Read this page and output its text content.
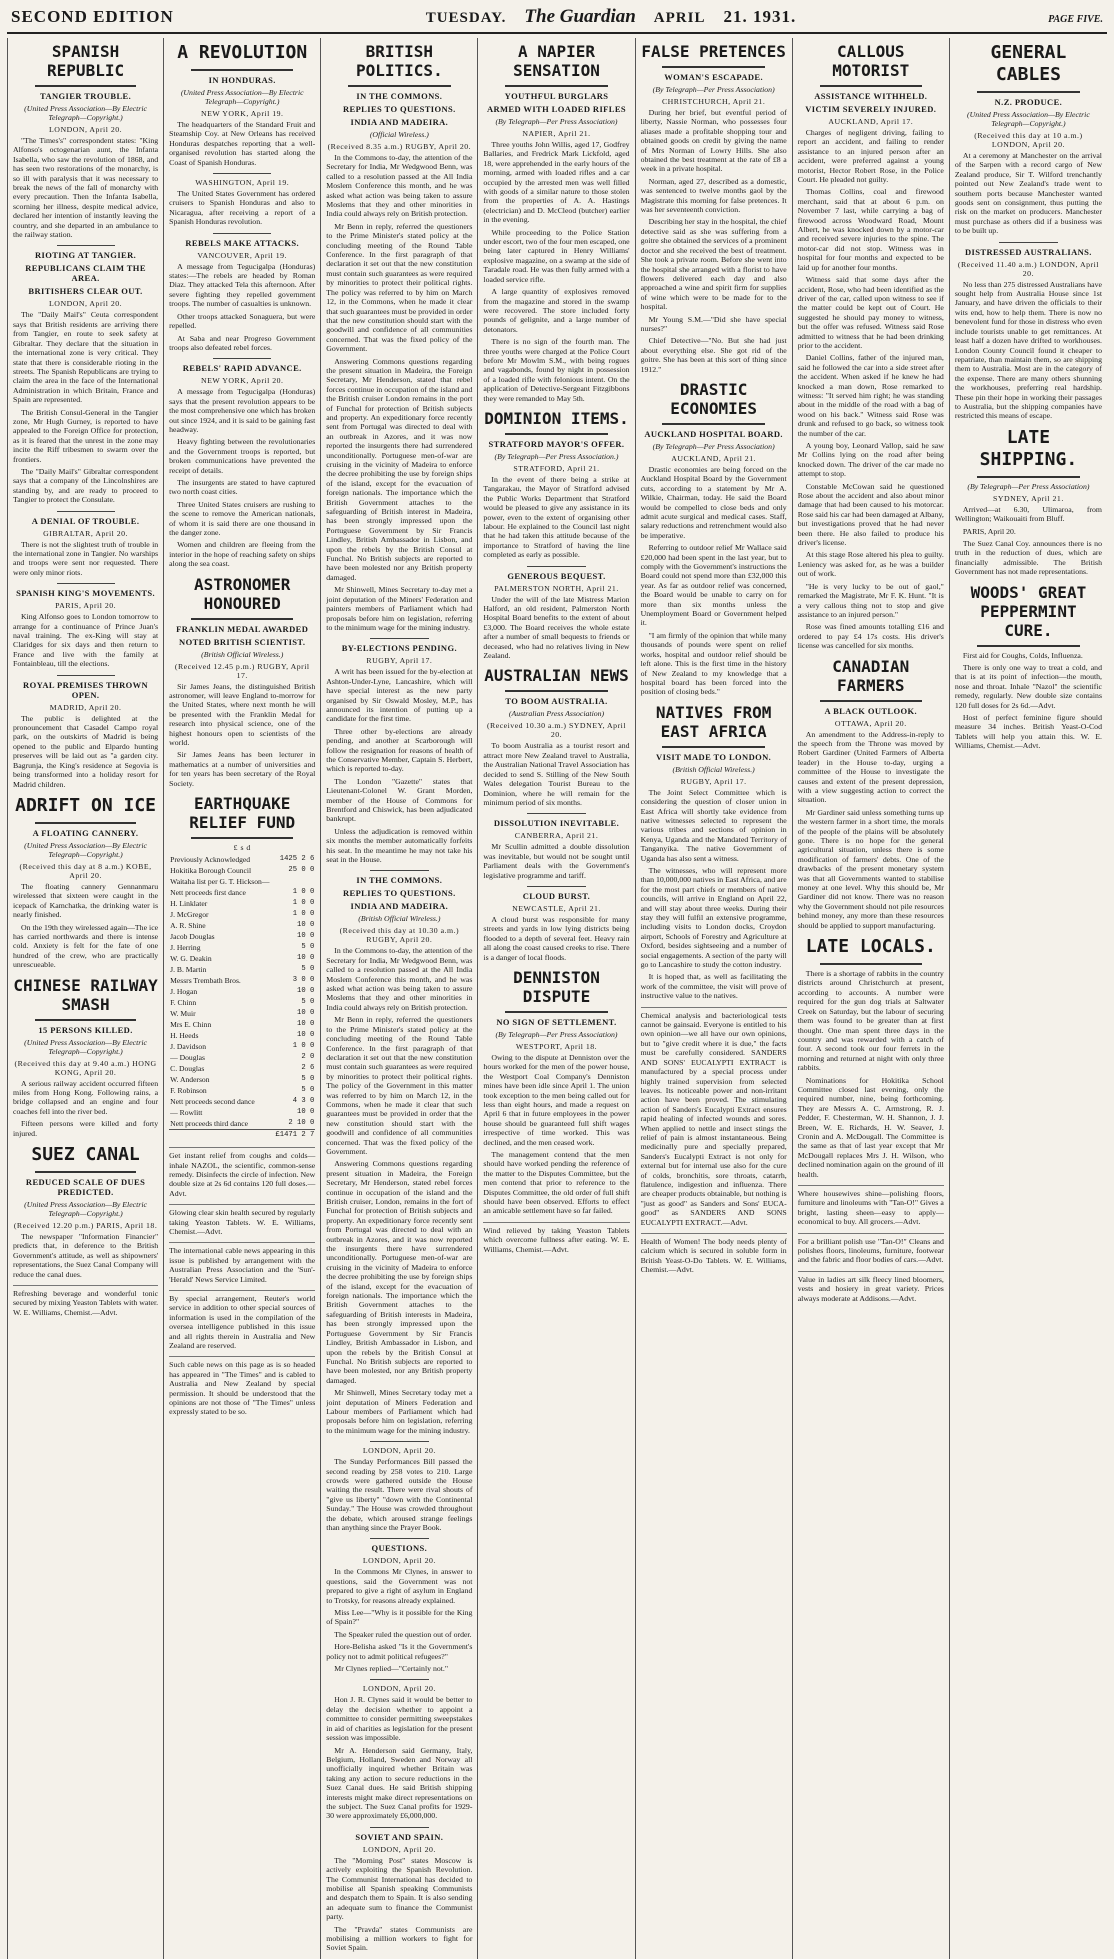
SECOND EDITION	TUESDAY. The Guardian APRIL 21. 1931.	PAGE FIVE.
SPANISH REPUBLIC
TANGIER TROUBLE.
(United Press Association—By Electric Telegraph—Copyright.)
LONDON, April 20.

"The Times's" correspondent states: "King Alfonso's octogenarian aunt, the Infanta Isabella, who saw the revolution of 1868, and has seen two restorations of the monarchy, is so ill with paralysis that it was necessary to break the news of the fall of monarchy with every precaution. Then the Infanta Isabella, scorning her illness, despite medical advice, declared her intention of instantly leaving the country, and she departed in an ambulance to the railway station.

RIOTING AT TANGIER.
REPUBLICANS CLAIM THE AREA.
BRITISHERS CLEAR OUT.
LONDON, April 20.

The "Daily Mail's" Ceuta correspondent says that British residents are arriving there from Tangier, en route to seek safety at Gibraltar. They declare that the situation in the international zone is very critical. They state that there is considerable rioting in the streets. The Spanish Republicans are trying to claim the area in the face of the International Administration in which Britain, France and Spain are represented.

The British Consul-General in the Tangier zone, Mr Hugh Gurney, is reported to have appealed to the Foreign Office for protection, as it is feared that the unrest in the zone may incite the Riff tribesmen to swarm over the frontiers.

The "Daily Mail's" Gibraltar correspondent says that a company of the Lincolnshires are standing by, and are ready to proceed to Tangier to protect the Consulate.

A DENIAL OF TROUBLE.
GIBRALTAR, April 20.

There is not the slightest truth of trouble in the international zone in Tangier. No warships and troops were sent nor requested. There were only minor riots.

SPANISH KING'S MOVEMENTS.
PARIS, April 20.

King Alfonso goes to London tomorrow to arrange for a continuance of Prince Juan's naval training. The ex-King will stay at Claridges for six days and then return to France and live with the family at Fontainbleau, till the elections.

ROYAL PREMISES THROWN OPEN.
MADRID, April 20.

The public is delighted at the pronouncement that Casadel Campo royal park, on the outskirts of Madrid is being opened to the public and Elpardo hunting preserves will be laid out as "a garden city. Bagrunja, the King's residence at Segovia is being transformed into a holiday resort for Madrid children.

ADRIFT ON ICE
A FLOATING CANNERY.
(United Press Association—By Electric Telegraph—Copyright.)
(Received this day at 8 a.m.) KOBE, April 20.

The floating cannery Gennanmaru wirelessed that sixteen were caught in the icepack of Kamchatka, the drinking water is nearly finished.

On the 19th they wirelessed again—The ice has carried northwards and there is intense cold. Anxiety is felt for the fate of one hundred of the crew, who are practically unrescueable.

CHINESE RAILWAY SMASH
15 PERSONS KILLED.
(United Press Association—By Electric Telegraph—Copyright.)
(Received this day at 9.40 a.m.) HONG KONG, April 20.

A serious railway accident occurred fifteen miles from Hong Kong. Following rains, a bridge collapsed and an engine and four coaches fell into the river bed.

Fifteen persons were killed and forty injured.

SUEZ CANAL
REDUCED SCALE OF DUES PREDICTED.
(United Press Association—By Electric Telegraph—Copyright.)
(Received 12.20 p.m.) PARIS, April 18.

The newspaper "Information Financier" predicts that, in deference to the British Government's attitude, as well as shipowners' representations, the Suez Canal Company will reduce the canal dues.

Refreshing beverage and wonderful tonic secured by mixing Yeaston Tablets with water. W. E. Williams, Chemist.—Advt.

A REVOLUTION
IN HONDURAS.
(United Press Association—By Electric Telegraph—Copyright.)
NEW YORK, April 19.

The headquarters of the Standard Fruit and Steamship Coy. at New Orleans has received Honduras despatches reporting that a well-organised revolution has started along the Coast of Spanish Honduras.

WASHINGTON, April 19.

The United States Government has ordered cruisers to Spanish Honduras and also to Nicaragua, after receiving a report of a Spanish Honduras revolution.

REBELS MAKE ATTACKS.
VANCOUVER, April 19.

A message from Tegucigalpa (Honduras) states:—The rebels are headed by Roman Diaz. They attacked Tela this afternoon. After severe fighting they repelled government troops. The number of casualties is unknown.

Other troops attacked Sonaguera, but were repelled.

At Saba and near Progreso Government troops also defeated rebel forces.

REBELS' RAPID ADVANCE.
NEW YORK, April 20.

A message from Tegucigalpa (Honduras) says that the present revolution appears to be the most comprehensive one which has broken out since 1924, and it is said to be gaining fast headway.

Heavy fighting between the revolutionaries and the Government troops is reported, but broken communications have prevented the receipt of details.

The insurgents are stated to have captured two north coast cities.

Three United States cruisers are rushing to the scene to remove the American nationals, of whom it is said there are one thousand in the danger zone.

Women and children are fleeing from the interior in the hope of reaching safety on ships along the sea coast.

ASTRONOMER HONOURED
FRANKLIN MEDAL AWARDED
NOTED BRITISH SCIENTIST.
(British Official Wireless.)
(Received 12.45 p.m.) RUGBY, April 17.

Sir James Jeans, the distinguished British astronomer, will leave England to-morrow for the United States, where next month he will be presented with the Franklin Medal for research into physical science, one of the highest honours open to scientists of the world.

Sir James Jeans has been lecturer in mathematics at a number of universities and for ten years has been secretary of the Royal Society.

EARTHQUAKE RELIEF FUND
£ s d
Previously Acknowledged	1425 2 6
Hokitika Borough Council	25 0 0
Waitaha list per G. T. Hickson—	
Nett proceeds first dance	1 0 0
H. Linklater	1 0 0
J. McGregor	1 0 0
A. R. Shine	10 0
Jacob Douglas	10 0
J. Herring	5 0
W. G. Deakin	10 0
J. B. Martin	5 0
Messrs Trembath Bros.	3 0 0
J. Hogan	10 0
F. Chinn	5 0
W. Muir	10 0
Mrs E. Chinn	10 0
H. Heeds	10 0
J. Davidson	1 0 0
— Douglas	2 0
C. Douglas	2 6
W. Anderson	5 0
F. Robinson	5 0
Nett proceeds second dance	4 3 0
— Rowlitt	10 0
Nett proceeds third dance	2 10 0
	£1471 2 7

Get instant relief from coughs and colds—inhale NAZOL, the scientific, common-sense remedy. Disinfects the circle of infection. New double size at 2s 6d contains 120 full doses.—Advt.

Glowing clear skin health secured by regularly taking Yeaston Tablets. W. E. Williams, Chemist.—Advt.

The international cable news appearing in this issue is published by arrangement with the Australian Press Association and the 'Sun'-'Herald' News Service Limited.

By special arrangement, Reuter's world service in addition to other special sources of information is used in the compilation of the oversea intelligence published in this issue and all rights therein in Australia and New Zealand are reserved.

Such cable news on this page as is so headed has appeared in "The Times" and is cabled to Australia and New Zealand by special permission. It should be understood that the opinions are not those of "The Times" unless expressly stated to be so.

BRITISH POLITICS.
IN THE COMMONS.
REPLIES TO QUESTIONS.
INDIA AND MADEIRA.
(Official Wireless.)
(Received 8.35 a.m.) RUGBY, April 20.

In the Commons to-day, the attention of the Secretary for India, Mr Wedgwood Benn, was called to a resolution passed at the All India Moslem Conference this month, and he was asked what action was being taken to assure Moslems that they and other minorities in India could always rely on British protection.

Mr Benn in reply, referred the questioners to the Prime Minister's stated policy at the concluding meeting of the Round Table Conference. In the first paragraph of that declaration it set out that the new constitution must contain such guarantees as were required by minorities to protect their political rights. The policy was referred to by him on March 12, in the Commons, when he made it clear that such guarantees must be provided in order that the new constitution should start with the goodwill and confidence of all communities concerned. That was the fixed policy of the Government.

Answering Commons questions regarding the present situation in Madeira, the Foreign Secretary, Mr Henderson, stated that rebel forces continue in occupation of the island and the British cruiser London remains in the port of Funchal for protection of British subjects and property. An expeditionary force recently sent from Portugal was directed to deal with an outbreak in Azores, and it was now reported the insurgents there had surrendered unconditionally. Portuguese men-of-war are cruising in the vicinity of Madeira to enforce the decree prohibiting the use by foreign ships of the island, except for the evacuation of foreign nationals. The importance which the British Government attaches to the safeguarding of British interest in Madeira, has been strongly impressed upon the Portuguese Government by Sir Francis Lindley, British Ambassador in Lisbon, and upon the rebels by the British Consul at Funchal. No British subjects are reported to have been molested nor any British property damaged.

Mr Shinwell, Mines Secretary to-day met a joint deputation of the Miners' Federation and painters members of Parliament which had proposals before him on legislation, referring to the minimum wage for the mining industry.

BY-ELECTIONS PENDING.
RUGBY, April 17.

A writ has been issued for the by-election at Ashton-Under-Lyne, Lancashire, which will have special interest as the new party organised by Sir Oswald Mosley, M.P., has announced its intention of putting up a candidate for the first time.

Three other by-elections are already pending, and another at Scarborough will follow the resignation for reasons of health of the Conservative Member, Captain S. Herbert, which is reported to-day.

The London "Gazette" states that Lieutenant-Colonel W. Grant Morden, member of the House of Commons for Brentford and Chiswick, has been adjudicated bankrupt.

Unless the adjudication is removed within six months the member automatically forfeits his seat. In the meantime he may not take his seat in the House.

IN THE COMMONS.
REPLIES TO QUESTIONS.
INDIA AND MADEIRA.
(British Official Wireless.)
(Received this day at 10.30 a.m.) RUGBY, April 20.

In the Commons to-day, the attention of the Secretary for India, Mr Wedgwood Benn, was called to a resolution passed at the All India Moslem Conference this month, and he was asked what action was being taken to assure Moslems that they and other minorities in India could always rely on British protection.

Mr Benn in reply, referred the questioners to the Prime Minister's stated policy at the concluding meeting of the Round Table Conference. In the first paragraph of that declaration it set out that the new constitution must contain such guarantees as were required by minorities to protect their political rights. The policy of the Government in this matter was referred to by him on March 12, in the Commons, when he made it clear that such guarantees must be provided in order that the new constitution should start with the goodwill and confidence of all communities concerned. That was the fixed policy of the Government.

Answering Commons questions regarding present situation in Madeira, the Foreign Secretary, Mr Henderson, stated rebel forces continue in occupation of the island and the British cruiser, London, remains in the fort of Funchal for protection of British subjects and property. An expeditionary force recently sent from Portugal was directed to deal with an outbreak in Azores, and it was now reported the insurgents there have surrendered unconditionally. Portuguese men-of-war are cruising in the vicinity of Madeira to enforce the decree prohibiting the use by foreign ships of the island, except for the evacuation of foreign nationals. The importance which the British Government attaches to the safeguarding of British interests in Madeira, has been strongly impressed upon the Portuguese Government by Sir Francis Lindley, British Ambassador in Lisbon, and upon the rebels by the British Consul at Funchal. No British subjects are reported to have been molested, nor any British property damaged.

Mr Shinwell, Mines Secretary today met a joint deputation of Miners Federation and Labour members of Parliament which had proposals before him on legislation, referring to the minimum wage for the mining industry.

LONDON, April 20.

The Sunday Performances Bill passed the second reading by 258 votes to 210. Large crowds were gathered outside the House waiting the result. There were rival shouts of "give us liberty" "down with the Continental Sunday." The House was crowded throughout the debate, which aroused strange feelings than anything since the Prayer Book.

QUESTIONS.
LONDON, April 20.

In the Commons Mr Clynes, in answer to questions, said the Government was not prepared to give a right of asylum in England to Trotsky, for reasons already explained.

Miss Lee—"Why is it possible for the King of Spain?"

The Speaker ruled the question out of order.

Hore-Belisha asked "Is it the Government's policy not to admit political refugees?"

Mr Clynes replied—"Certainly not."

LONDON, April 20.

Hon J. R. Clynes said it would be better to delay the decision whether to appoint a committee to consider permitting sweepstakes in aid of charities as legislation for the present session was impossible.

Mr A. Henderson said Germany, Italy, Belgium, Holland, Sweden and Norway all unofficially inquired whether Britain was taking any action to secure reductions in the Suez Canal dues. He said British shipping interests might make direct representations on the subject. The Suez Canal profits for 1929-30 were approximately £6,000,000.

SOVIET AND SPAIN.
LONDON, April 20.

The "Morning Post" states Moscow is actively exploiting the Spanish Revolution. The Communist International has decided to mobilise all Spanish speaking Communists and despatch them to Spain. It is also sending an adequate sum to finance the Communist party.

The "Pravda" states Communists are mobilising a million workers to fight for Soviet Spain.

A NAPIER SENSATION
YOUTHFUL BURGLARS
ARMED WITH LOADED RIFLES
(By Telegraph—Per Press Association)
NAPIER, April 21.

Three youths John Willis, aged 17, Godfrey Ballaries, and Fredrick Mark Lickfold, aged 18, were apprehended in the early hours of the morning, armed with loaded rifles and a car occupied by the arrested men was well filled with goods of a similar nature to those stolen from the properties of A. A. Hastings (electrician) and D. McCleod (butcher) earlier in the evening.

While proceeding to the Police Station under escort, two of the four men escaped, one being later captured in Henry Williams' explosive magazine, on a swamp at the side of Taradale road. He was then fully armed with a loaded service rifle.

A large quantity of explosives removed from the magazine and stored in the swamp were recovered. The store included forty pounds of gelignite, and a large number of detonators.

There is no sign of the fourth man. The three youths were charged at the Police Court before Mr Mowlm S.M., with being rogues and vagabonds, found by night in possession of a loaded rifle with felonious intent. On the application of Detective-Sergeant Fitzgibbons they were remanded to May 5th.

DOMINION ITEMS.
STRATFORD MAYOR'S OFFER.
(By Telegraph—Per Press Association.)
STRATFORD, April 21.

In the event of there being a strike at Tangarakau, the Mayor of Stratford advised the Public Works Department that Stratford would be pleased to give any assistance in its power, even to the extent of organising other labour. He explained to the Council last night that he had taken this attitude because of the importance to Stratford of having the line completed as early as possible.

GENEROUS BEQUEST.
PALMERSTON NORTH, April 21.

Under the will of the late Mistress Marion Halford, an old resident, Palmerston North Hospital Board benefits to the extent of about £3,000. The Board receives the whole estate after a number of small bequests to friends or deceased, who had no relatives living in New Zealand.

AUSTRALIAN NEWS
TO BOOM AUSTRALIA.
(Australian Press Association)
(Received 10.30 a.m.) SYDNEY, April 20.

To boom Australia as a tourist resort and attract more New Zealand travel to Australia, the Australian National Travel Association has decided to send S. Stilling of the New South Wales delegation Tourist Bureau to the Dominion, where he will remain for the minimum period of six months.

DISSOLUTION INEVITABLE.
CANBERRA, April 21.

Mr Scullin admitted a double dissolution was inevitable, but would not be sought until Parliament deals with the Government's legislative programme and tariff.

CLOUD BURST.
NEWCASTLE, April 21.

A cloud burst was responsible for many streets and yards in low lying districts being flooded to a depth of several feet. Heavy rain all along the coast caused creeks to rise. There is a danger of local floods.

DENNISTON DISPUTE
NO SIGN OF SETTLEMENT.
(By Telegraph—Per Press Association)
WESTPORT, April 18.

Owing to the dispute at Denniston over the hours worked for the men of the power house, the Westport Coal Company's Denniston mines have been idle since April 1. The union took exception to the men being called out for less than eight hours, and made a request on April 6 that in future employees in the power house should be guaranteed full shift wages irrespective of time worked. This was declined, and the men ceased work.

The management contend that the men should have worked pending the reference of the matter to the Disputes Committee, but the men contend that prior to reference to the Disputes Committee, the old order of full shift should have been observed. Efforts to effect an amicable settlement have so far failed.

Wind relieved by taking Yeaston Tablets which overcome fullness after eating. W. E. Williams, Chemist.—Advt.

FALSE PRETENCES
WOMAN'S ESCAPADE.
(By Telegraph—Per Press Association)
CHRISTCHURCH, April 21.

During her brief, but eventful period of liberty, Nassie Norman, who possesses four aliases made a profitable shopping tour and obtained goods on credit by giving the name of Mrs Norman of Lowry Hills. She also obtained the best treatment at the rate of £8 a week in a private hospital.

Norman, aged 27, described as a domestic, was sentenced to twelve months gaol by the Magistrate this morning for false pretences. It was her seventeenth conviction.

Describing her stay in the hospital, the chief detective said as she was suffering from a goitre she obtained the services of a prominent doctor and she received the best of treatment. She took a private room. Before she went into the hospital she arranged with a florist to have flowers delivered each day and also approached a wine and spirit firm for supplies of wine which were to be made for to the hospital.

Mr Young S.M.—"Did she have special nurses?"

Chief Detective—"No. But she had just about everything else. She got rid of the goitre. She has been at this sort of thing since 1912."

DRASTIC ECONOMIES
AUCKLAND HOSPITAL BOARD.
(By Telegraph—Per Press Association)
AUCKLAND, April 21.

Drastic economies are being forced on the Auckland Hospital Board by the Government cuts, according to a statement by Mr A. Wilkie, Chairman, today. He said the Board would be compelled to close beds and only admit acute surgical and medical cases. Staff, salary reductions and retrenchment would also be imperative.

Referring to outdoor relief Mr Wallace said £20,000 had been spent in the last year, but to comply with the Government's instructions the Board could not spend more than £32,000 this year. As far as outdoor relief was concerned, the Board would be unable to carry on for more than six months unless the Unemployment Board or Government helped it.

"I am firmly of the opinion that while many thousands of pounds were spent on relief works, hospital and outdoor relief should be left alone. This is the first time in the history of New Zealand to my knowledge that a hospital board has been forced into the position of closing beds."

NATIVES FROM EAST AFRICA
VISIT MADE TO LONDON.
(British Official Wireless.)
RUGBY, April 17.

The Joint Select Committee which is considering the question of closer union in East Africa will shortly take evidence from native witnesses selected to represent the various tribes and sections of opinion in Kenya, Uganda and the Mandated Territory of Tanganyika. The native Government of Uganda has also sent a witness.

The witnesses, who will represent more than 10,000,000 natives in East Africa, and are for the most part chiefs or members of native councils, will arrive in England on April 22, and will stay about three weeks. During their stay they will fulfil an extensive programme, including visits to London docks, Croydon airport, Schools of Forestry and Agriculture at Oxford, besides sightseeing and a number of social engagements. A section of the party will go to Lancashire to study the cotton industry.

It is hoped that, as well as facilitating the work of the committee, the visit will prove of instructive value to the natives.

Chemical analysis and bacteriological tests cannot be gainsaid. Everyone is entitled to his own opinion—we all have our own opinions, but to "give credit where it is due," the facts must be carefully considered. SANDERS AND SONS' EUCALYPTI EXTRACT is manufactured by a special process under highly trained supervision from selected leaves. Its noticeable power and non-irritant action have been proved. The stimulating action of Sanders's Eucalypti Extract ensures rapid healing of infected wounds and sores. When applied to nettle and insect stings the relief of pain is almost instantaneous. Being medicinally pure and specially prepared, Sanders's Eucalypti Extract is not only for external but for internal use also for the cure of colds, bronchitis, sore throats, catarrh, flatulence, indigestion and influenza. There are cheaper products obtainable, but nothing is "just as good" as Sanders and Sons' EUCA-good" as SANDERS AND SONS EUCALYPTI EXTRACT.—Advt.

Health of Women! The body needs plenty of calcium which is secured in soluble form in British Yeast-O-Do Tablets. W. E. Williams, Chemist.—Advt.

CALLOUS MOTORIST
ASSISTANCE WITHHELD.
VICTIM SEVERELY INJURED.
AUCKLAND, April 17.

Charges of negligent driving, failing to report an accident, and failing to render assistance to an injured person after an accident, were preferred against a young motorist, Hector Robert Rose, in the Police Court. He pleaded not guilty.

Thomas Collins, coal and firewood merchant, said that at about 6 p.m. on November 7 last, while carrying a bag of firewood across Woodward Road, Mount Albert, he was knocked down by a motor-car and received severe injuries to the spine. The motor-car did not stop. Witness was in hospital for four months and expected to be laid up for another four months.

Witness said that some days after the accident, Rose, who had been identified as the driver of the car, called upon witness to see if the matter could be kept out of Court. He suggested he should pay money to witness, but the offer was refused. Witness said Rose admitted to witness that he had been drinking prior to the accident.

Daniel Collins, father of the injured man, said he followed the car into a side street after the accident. When asked if he knew he had knocked a man down, Rose remarked to witness: "It served him right; he was standing about in the middle of the road with a bag of wood on his back." Witness said Rose was drunk and refused to go back, so witness took the number of the car.

A young boy, Leonard Vallop, said he saw Mr Collins lying on the road after being knocked down. The driver of the car made no attempt to stop.

Constable McCowan said he questioned Rose about the accident and also about minor damage that had been caused to his motorcar. Rose said his car had been damaged at Albany, but investigations proved that he had never been there. He also failed to produce his driver's license.

At this stage Rose altered his plea to guilty. Leniency was asked for, as he was a builder out of work.

"He is very lucky to be out of gaol," remarked the Magistrate, Mr F. K. Hunt. "It is a very callous thing not to stop and give assistance to an injured person."

Rose was fined amounts totalling £16 and ordered to pay £4 17s costs. His driver's license was cancelled for six months.

CANADIAN FARMERS
A BLACK OUTLOOK.
OTTAWA, April 20.

An amendment to the Address-in-reply to the speech from the Throne was moved by Robert Gardiner (United Farmers of Alberta leader) in the House to-day, urging a committee of the House to investigate the causes and extent of the present depression, with a view suggesting action to correct the situation.

Mr Gardiner said unless something turns up the western farmer in a short time, the morals of the people of the plains will be absolutely gone. There is no hope for the general agricultural situation, unless there is some modification of farmers' debts. One of the drawbacks of the present monetary system was that all Governments wanted to stabilise money at one level. Why this should be, Mr Gardiner did not know. There was no reason why the Government should not pile resources behind money, any more than these resources should be applied to support manufacturing.

LATE LOCALS.

There is a shortage of rabbits in the country districts around Christchurch at present, according to accounts. A number were required for the gun dog trials at Saltwater Creek on Saturday, but the labour of securing them was found to be greater than at first thought. One man spent three days in the country and was rewarded with a catch of four. A second took our four ferrets in the morning and returned at night with only three rabbits.

Nominations for Hokitika School Committee closed last evening, only the required number, nine, being forthcoming. They are Messrs A. C. Armstrong, R. J. Pedder, F. Chesterman, W. H. Shannon, J. J. Breen, W. E. Richards, H. W. Seaver, J. Cronin and A. McDougall. The Committee is the same as that of last year except that Mr McDougall replaces Mrs J. H. Wilson, who declined nomination again on the ground of ill health.

Where housewives shine—polishing floors, furniture and linoleums with "Tan-O!" Gives a bright, lasting sheen—easy to apply—economical to buy. All grocers.—Advt.

For a brilliant polish use "Tan-O!" Cleans and polishes floors, linoleums, furniture, footwear and the fabric and floor bodies of cars.—Advt.

Value in ladies art silk fleecy lined bloomers, vests and hosiery in great variety. Prices always moderate at Addisons.—Advt.

GENERAL CABLES
N.Z. PRODUCE.
(United Press Association—By Electric Telegraph—Copyright.)
(Received this day at 10 a.m.) LONDON, April 20.

At a ceremony at Manchester on the arrival of the Sarpen with a record cargo of New Zealand produce, Sir T. Wilford trenchantly pointed out New Zealand's trade went to southern ports because Manchester wanted goods sent on consignment, thus putting the risk on the market on producers. Manchester must purchase as others did if a business was to be built up.

DISTRESSED AUSTRALIANS.
(Received 11.40 a.m.) LONDON, April 20.

No less than 275 distressed Australians have sought help from Australia House since 1st January, and have driven the officials to their wits end, how to help them. There is now no benevolent fund for those in distress who even include tourists unable to get remittances. At least half a dozen have drifted to workhouses. London County Council found it cheaper to repatriate, than maintain them, so are shipping them to Australia. Most are in the category of the expense. There are many others shunning the workhouses, preferring real hardship. These pin their hope in working their passages to Australia, but the shipping companies have restricted this means of escape.

LATE SHIPPING.
(By Telegraph—Per Press Association)
SYDNEY, April 21.

Arrived—at 6.30, Ulimaroa, from Wellington; Waikouaiti from Bluff.

PARIS, April 20.

The Suez Canal Coy. announces there is no truth in the reduction of dues, which are financially admissible. The British Government has not made representations.

WOODS' GREAT PEPPERMINT CURE.

First aid for Coughs, Colds, Influenza.

There is only one way to treat a cold, and that is at its point of infection—the mouth, nose and throat. Inhale "Nazol" the scientific remedy, regularly. New double size contains 120 full doses for 2s 6d.—Advt.

Host of perfect feminine figure should measure 34 inches. British Yeast-O-Cod Tablets will help you attain this. W. E. Williams, Chemist.—Advt.
